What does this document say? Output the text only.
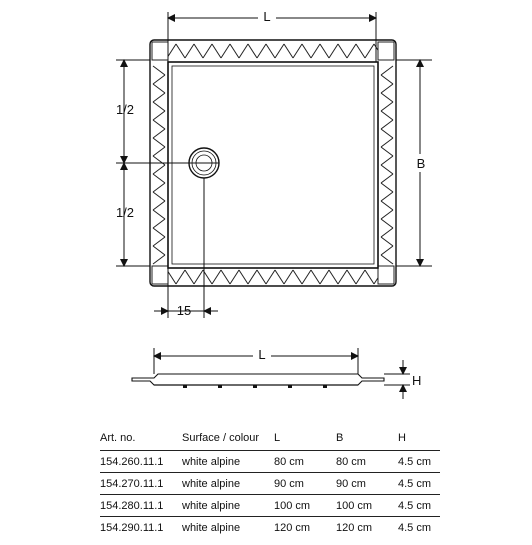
L
B
1/2
1/2
15
L
H
Art. no.	Surface / colour	L	B	H
154.260.11.1	white alpine	80 cm	80 cm	4.5 cm
154.270.11.1	white alpine	90 cm	90 cm	4.5 cm
154.280.11.1	white alpine	100 cm	100 cm	4.5 cm
154.290.11.1	white alpine	120 cm	120 cm	4.5 cm
